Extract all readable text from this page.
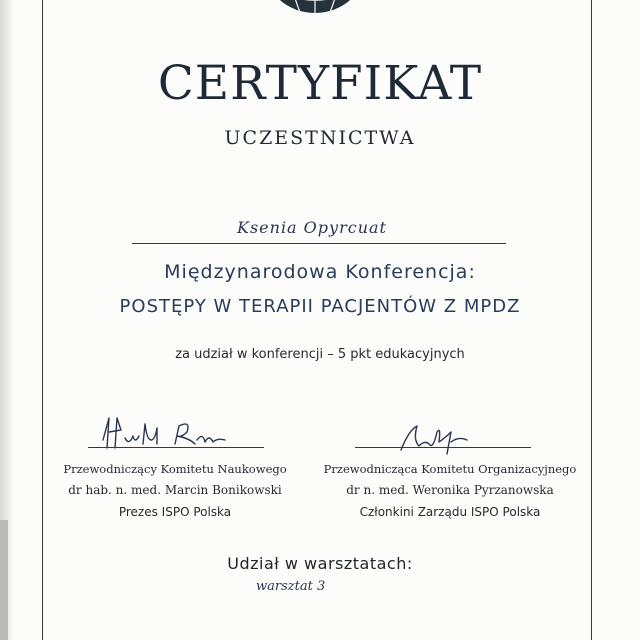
CERTYFIKAT
UCZESTNICTWA
Ksenia Opyrcuat
Międzynarodowa Konferencja:
POSTĘPY W TERAPII PACJENTÓW Z MPDZ
za udział w konferencji – 5 pkt edukacyjnych
Przewodniczący Komitetu Naukowego
dr hab. n. med. Marcin Bonikowski
Prezes ISPO Polska
Przewodnicząca Komitetu Organizacyjnego
dr n. med. Weronika Pyrzanowska
Członkini Zarządu ISPO Polska
Udział w warsztatach:
warsztat 3
